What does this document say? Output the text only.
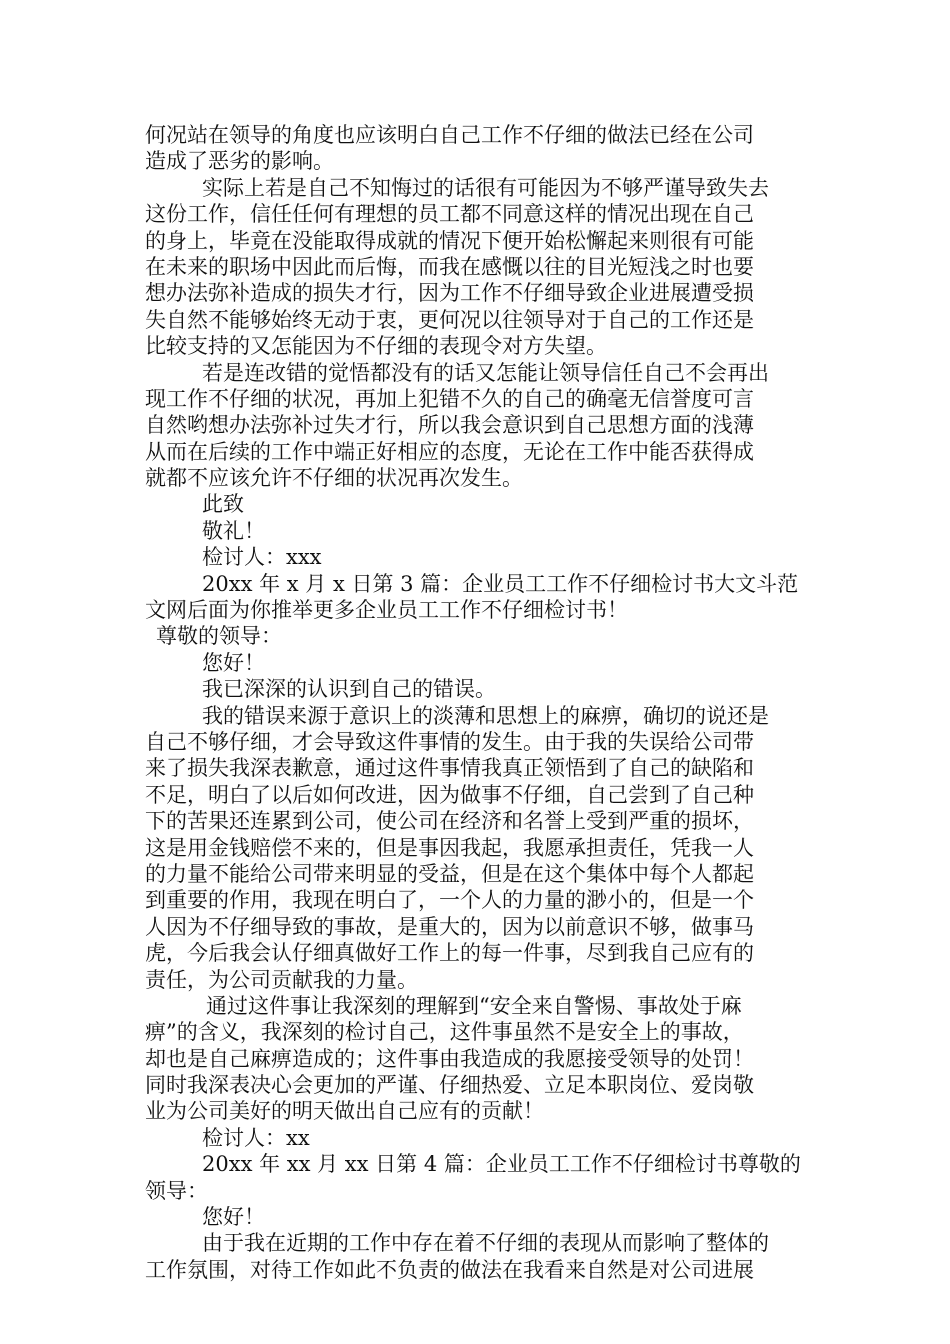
何况站在领导的角度也应该明白自己工作不仔细的做法已经在公司
造成了恶劣的影响。
实际上若是自己不知悔过的话很有可能因为不够严谨导致失去
这份工作，信任任何有理想的员工都不同意这样的情况出现在自己
的身上，毕竟在没能取得成就的情况下便开始松懈起来则很有可能
在未来的职场中因此而后悔，而我在感慨以往的目光短浅之时也要
想办法弥补造成的损失才行，因为工作不仔细导致企业进展遭受损
失自然不能够始终无动于衷，更何况以往领导对于自己的工作还是
比较支持的又怎能因为不仔细的表现令对方失望。
若是连改错的觉悟都没有的话又怎能让领导信任自己不会再出
现工作不仔细的状况，再加上犯错不久的自己的确毫无信誉度可言
自然哟想办法弥补过失才行，所以我会意识到自己思想方面的浅薄
从而在后续的工作中端正好相应的态度，无论在工作中能否获得成
就都不应该允许不仔细的状况再次发生。
此致
敬礼！
检讨人：xxx
20xx 年 x 月 x 日第 3 篇：企业员工工作不仔细检讨书大文斗范
文网后面为你推举更多企业员工工作不仔细检讨书！
尊敬的领导：
您好！
我已深深的认识到自己的错误。
我的错误来源于意识上的淡薄和思想上的麻痹，确切的说还是
自己不够仔细，才会导致这件事情的发生。由于我的失误给公司带
来了损失我深表歉意，通过这件事情我真正领悟到了自己的缺陷和
不足，明白了以后如何改进，因为做事不仔细，自己尝到了自己种
下的苦果还连累到公司，使公司在经济和名誉上受到严重的损坏，
这是用金钱赔偿不来的，但是事因我起，我愿承担责任，凭我一人
的力量不能给公司带来明显的受益，但是在这个集体中每个人都起
到重要的作用，我现在明白了，一个人的力量的渺小的，但是一个
人因为不仔细导致的事故，是重大的，因为以前意识不够，做事马
虎，今后我会认仔细真做好工作上的每一件事，尽到我自己应有的
责任，为公司贡献我的力量。
通过这件事让我深刻的理解到“安全来自警惕、事故处于麻
痹”的含义，我深刻的检讨自己，这件事虽然不是安全上的事故，
却也是自己麻痹造成的；这件事由我造成的我愿接受领导的处罚！
同时我深表决心会更加的严谨、仔细热爱、立足本职岗位、爱岗敬
业为公司美好的明天做出自己应有的贡献！
检讨人：xx
20xx 年 xx 月 xx 日第 4 篇：企业员工工作不仔细检讨书尊敬的
领导：
您好！
由于我在近期的工作中存在着不仔细的表现从而影响了整体的
工作氛围，对待工作如此不负责的做法在我看来自然是对公司进展
